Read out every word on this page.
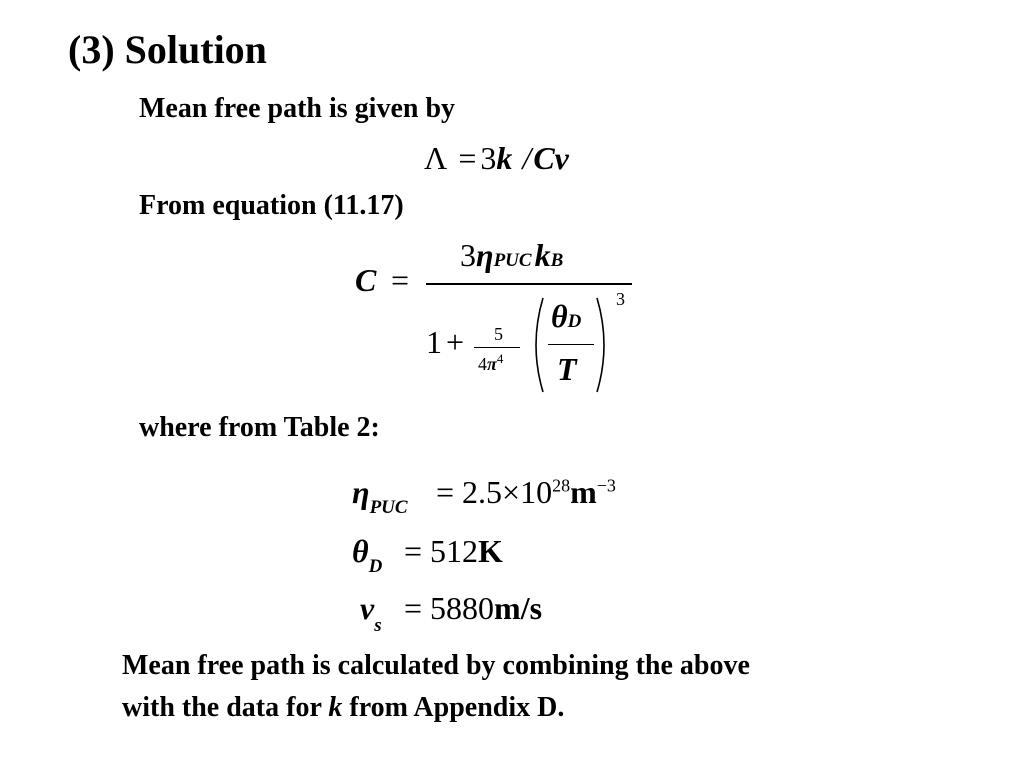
(3) Solution
Mean free path is given by
Λ = 3k /Cv
From equation (11.17)
C =
3ηPUCkB
1 + 5
$4\pi^4$
θD
T
3
where from Table 2:
$\eta_{PUC} = 2.5\times 10^{28}m^{-3}$
$\theta_D = 512K$
$v_s = 5880m/s$
Mean free path is calculated by combining the above
with the data for k from Appendix D.
